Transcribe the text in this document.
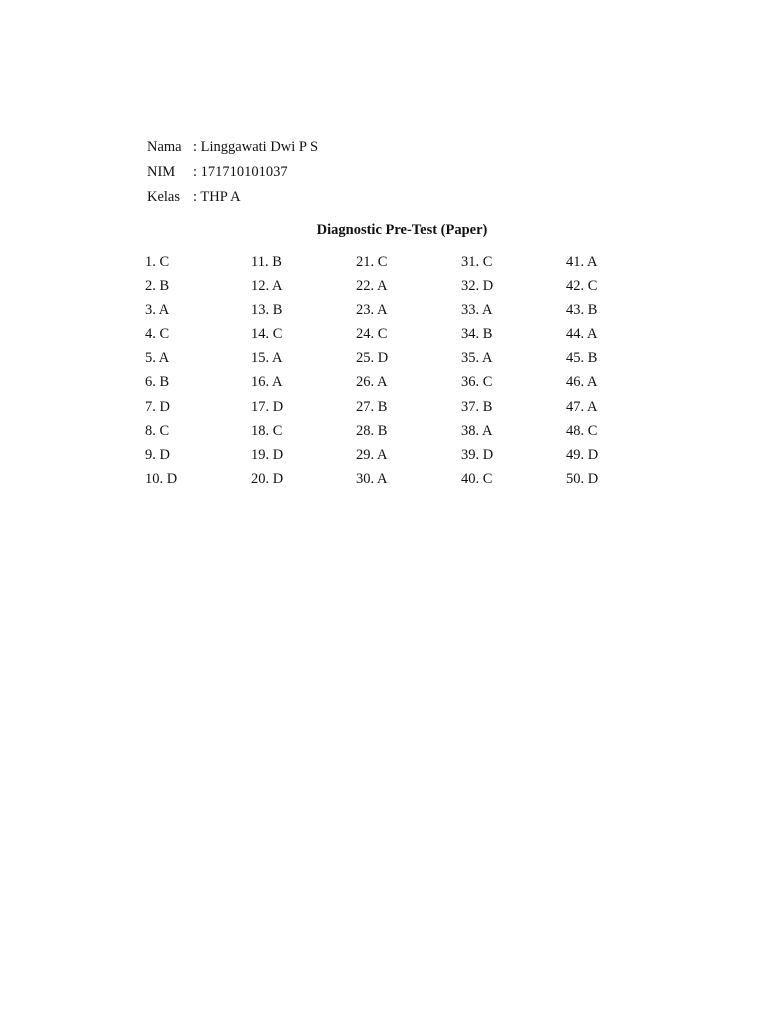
Nama : Linggawati Dwi P S
NIM	: 171710101037
Kelas : THP A
Diagnostic Pre-Test (Paper)
1. C
2. B
3. A
4. C
5. A
6. B
7. D
8. C
9. D
10. D
11. B
12. A
13. B
14. C
15. A
16. A
17. D
18. C
19. D
20. D
21. C
22. A
23. A
24. C
25. D
26. A
27. B
28. B
29. A
30. A
31. C
32. D
33. A
34. B
35. A
36. C
37. B
38. A
39. D
40. C
41. A
42. C
43. B
44. A
45. B
46. A
47. A
48. C
49. D
50. D
